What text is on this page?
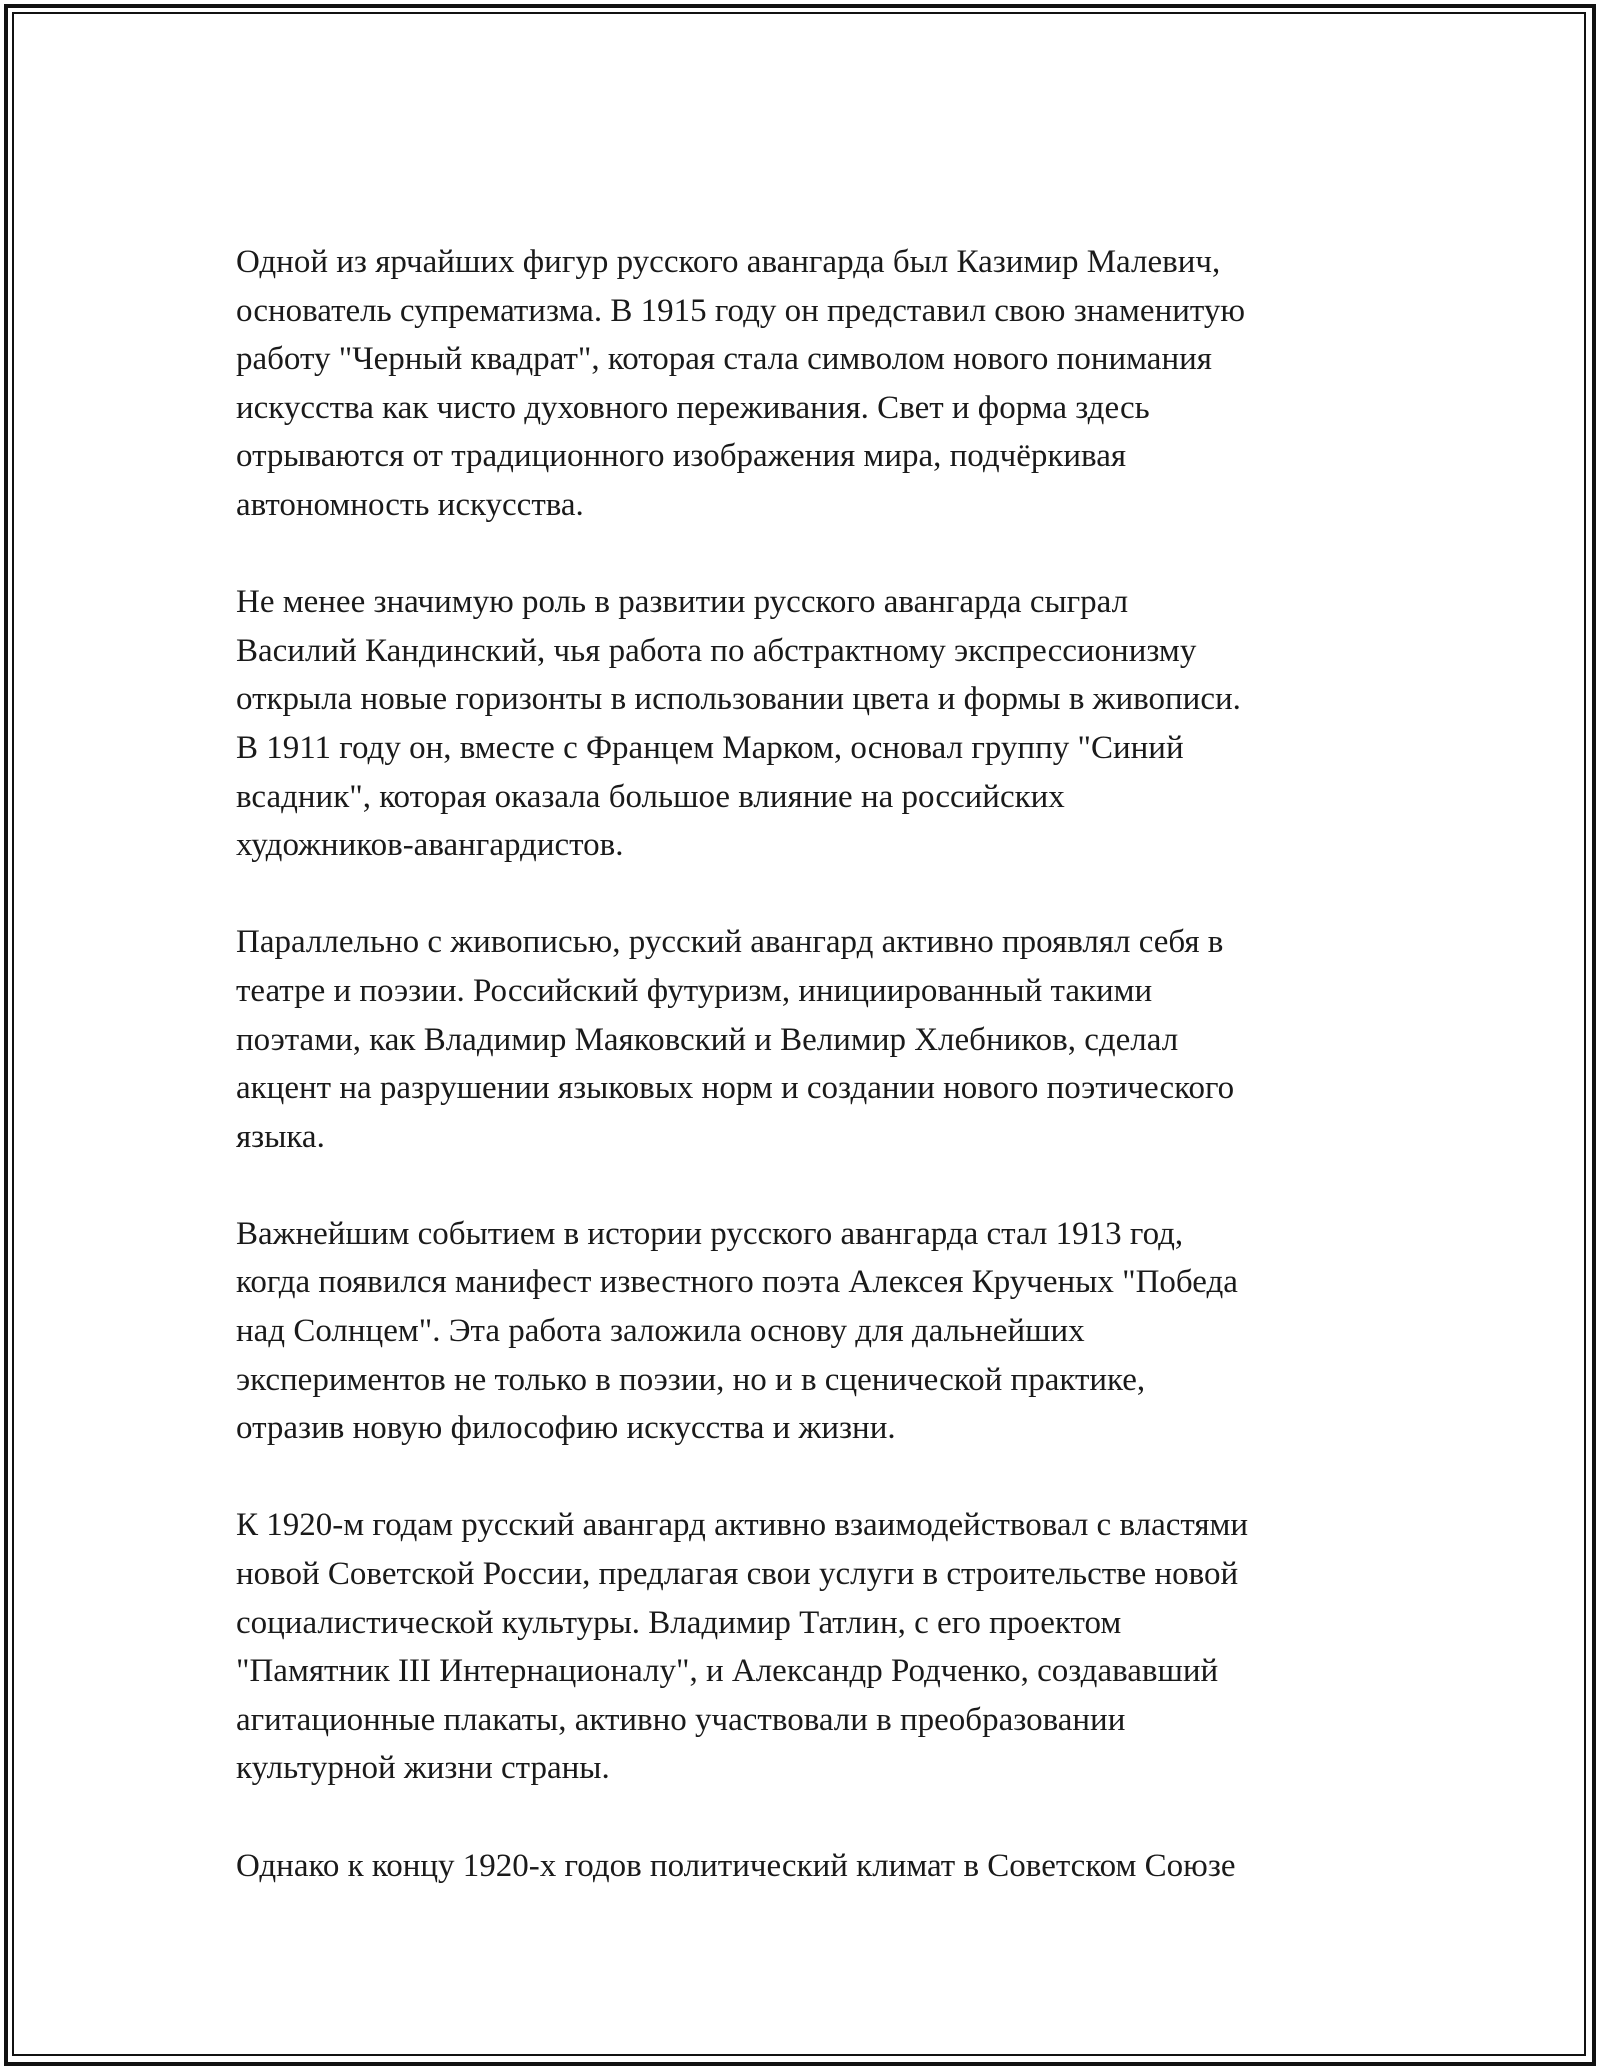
Одной из ярчайших фигур русского авангарда был Казимир Малевич,
основатель супрематизма. В 1915 году он представил свою знаменитую
работу "Черный квадрат", которая стала символом нового понимания
искусства как чисто духовного переживания. Свет и форма здесь
отрываются от традиционного изображения мира, подчёркивая
автономность искусства.

Не менее значимую роль в развитии русского авангарда сыграл
Василий Кандинский, чья работа по абстрактному экспрессионизму
открыла новые горизонты в использовании цвета и формы в живописи.
В 1911 году он, вместе с Францем Марком, основал группу "Синий
всадник", которая оказала большое влияние на российских
художников-авангардистов.

Параллельно с живописью, русский авангард активно проявлял себя в
театре и поэзии. Российский футуризм, инициированный такими
поэтами, как Владимир Маяковский и Велимир Хлебников, сделал
акцент на разрушении языковых норм и создании нового поэтического
языка.

Важнейшим событием в истории русского авангарда стал 1913 год,
когда появился манифест известного поэта Алексея Крученых "Победа
над Солнцем". Эта работа заложила основу для дальнейших
экспериментов не только в поэзии, но и в сценической практике,
отразив новую философию искусства и жизни.

К 1920-м годам русский авангард активно взаимодействовал с властями
новой Советской России, предлагая свои услуги в строительстве новой
социалистической культуры. Владимир Татлин, с его проектом
"Памятник III Интернационалу", и Александр Родченко, создававший
агитационные плакаты, активно участвовали в преобразовании
культурной жизни страны.

Однако к концу 1920-х годов политический климат в Советском Союзе
